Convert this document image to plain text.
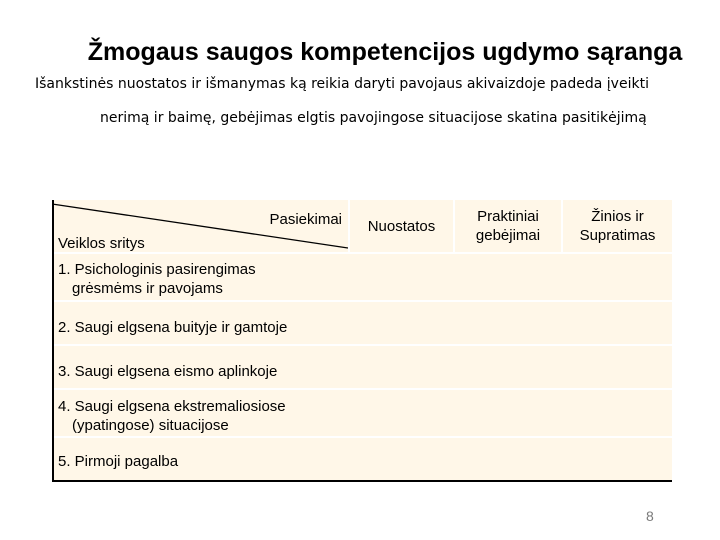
Žmogaus saugos kompetencijos ugdymo sąranga
Išankstinės nuostatos ir išmanymas ką reikia daryti pavojaus akivaizdoje padeda įveikti
nerimą ir baimę, gebėjimas elgtis pavojingose situacijose skatina pasitikėjimą
Pasiekimai
Veiklos sritys
Nuostatos
Praktiniai gebėjimai
Žinios ir Supratimas
1. Psichologinis pasirengimas
grėsmėms ir pavojams
2. Saugi elgsena buityje ir gamtoje
3. Saugi elgsena eismo aplinkoje
4. Saugi elgsena ekstremaliosiose
(ypatingose) situacijose
5. Pirmoji pagalba
8
